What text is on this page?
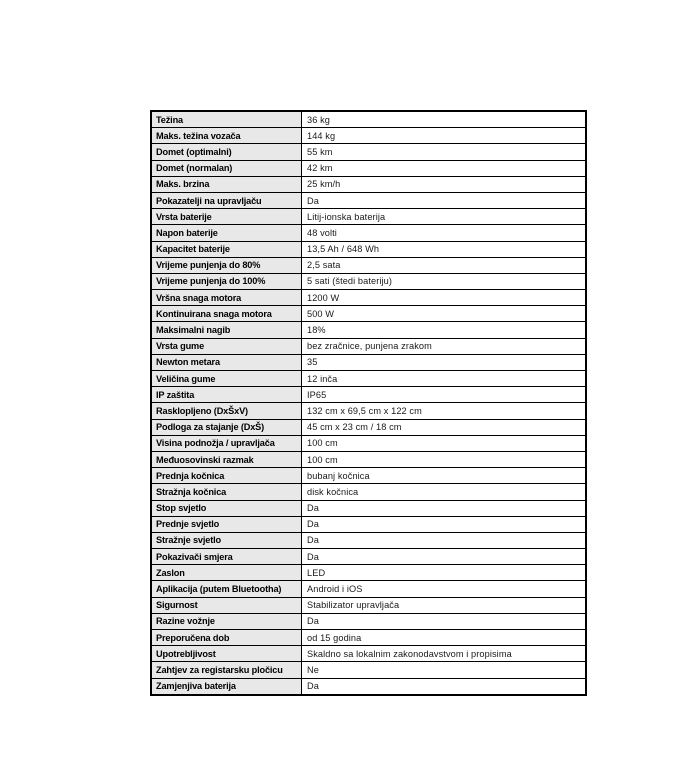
Težina	36 kg
Maks. težina vozača	144 kg
Domet (optimalni)	55 km
Domet (normalan)	42 km
Maks. brzina	25 km/h
Pokazatelji na upravljaču	Da
Vrsta baterije	Litij-ionska baterija
Napon baterije	48 volti
Kapacitet baterije	13,5 Ah / 648 Wh
Vrijeme punjenja do 80%	2,5 sata
Vrijeme punjenja do 100%	5 sati (štedi bateriju)
Vršna snaga motora	1200 W
Kontinuirana snaga motora	500 W
Maksimalni nagib	18%
Vrsta gume	bez zračnice, punjena zrakom
Newton metara	35
Veličina gume	12 inča
IP zaštita	IP65
Rasklopljeno (DxŠxV)	132 cm x 69,5 cm x 122 cm
Podloga za stajanje (DxŠ)	45 cm x 23 cm / 18 cm
Visina podnožja / upravljača	100 cm
Međuosovinski razmak	100 cm
Prednja kočnica	bubanj kočnica
Stražnja kočnica	disk kočnica
Stop svjetlo	Da
Prednje svjetlo	Da
Stražnje svjetlo	Da
Pokazivači smjera	Da
Zaslon	LED
Aplikacija (putem Bluetootha)	Android i iOS
Sigurnost	Stabilizator upravljača
Razine vožnje	Da
Preporučena dob	od 15 godina
Upotrebljivost	Skaldno sa lokalnim zakonodavstvom i propisima
Zahtjev za registarsku pločicu	Ne
Zamjenjiva baterija	Da
